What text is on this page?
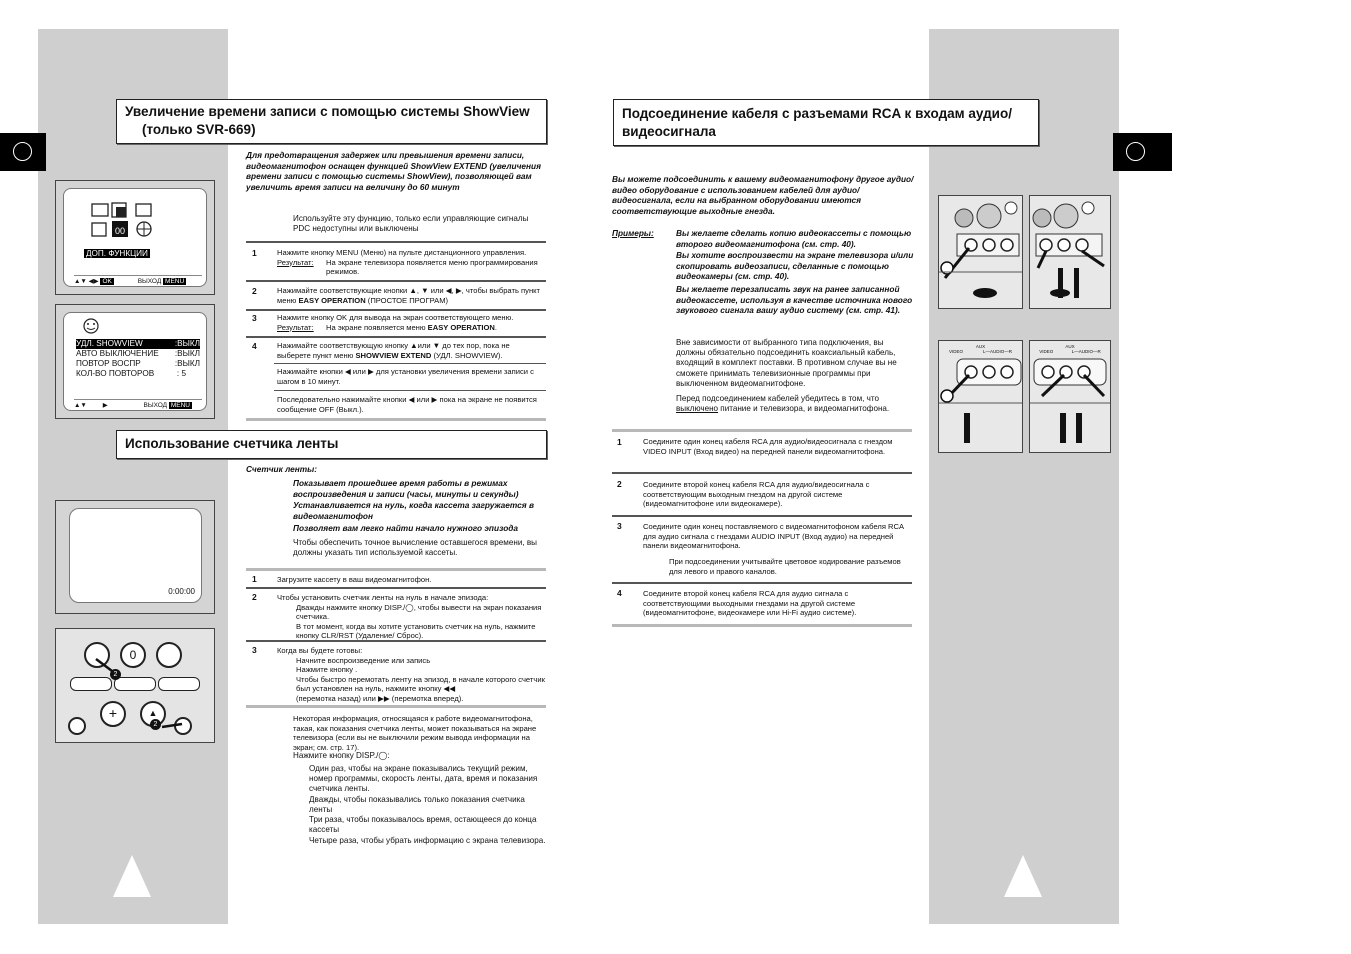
Увеличение времени записи с помощью системы ShowView
(только SVR-669)
Для предотвращения задержек или превышения времени записи, видеомагнитофон оснащен функцией ShowView EXTEND (увеличения времени записи с помощью системы ShowView), позволяющей вам увеличить время записи на величину до 60 минут
Используйте эту функцию, только если управляющие сигналы PDC недоступны или выключены
00
ДОП. ФУНКЦИИ
▲▼ ◀▶ OK	ВЫХОД MENU
УДЛ. SHOWVIEW	:ВЫКЛ
АВТО ВЫКЛЮЧЕНИЕ :ВЫКЛ
ПОВТОР ВОСПР	:ВЫКЛ
КОЛ-ВО ПОВТОРОВ	: 5
▲▼ ▶	ВЫХОД MENU
1	Нажмите кнопку MENU (Меню) на пульте дистанционного управления.
Результат:	На экране телевизора появляется меню программирования режимов.
2	Нажимайте соответствующие кнопки ▲, ▼ или ◀, ▶, чтобы выбрать пункт меню EASY OPERATION (ПРОСТОЕ ПРОГРАМ)
3	Нажмите кнопку OK для вывода на экран соответствующего меню.
Результат: На экране появляется меню EASY OPERATION.
4	Нажимайте соответствующую кнопку ▲или ▼ до тех пор, пока не выберете пункт меню SHOWVIEW EXTEND (УДЛ. SHOWVIEW).
Нажимайте кнопки ◀ или ▶ для установки увеличения времени записи с шагом в 10 минут.
Последовательно нажимайте кнопки ◀ или ▶ пока на экране не появится сообщение OFF (Выкл.).
Использование счетчика ленты
Счетчик ленты:
Показывает прошедшее время работы в режимах воспроизведения и записи (часы, минуты и секунды)
Устанавливается на нуль, когда кассета загружается в видеомагнитофон
Позволяет вам легко найти начало нужного эпизода
Чтобы обеспечить точное вычисление оставшегося времени, вы должны указать тип используемой кассеты.
0:00:00
0
+	▲
2
2
1	Загрузите кассету в ваш видеомагнитофон.
2	Чтобы установить счетчик ленты на нуль в начале эпизода:
Дважды нажмите кнопку DISP./◯, чтобы вывести на экран показания счетчика.
В тот момент, когда вы хотите установить счетчик на нуль, нажмите кнопку CLR/RST (Удаление/ Сброс).
3	Когда вы будете готовы:
Начните воспроизведение или запись
Нажмите кнопку .
Чтобы быстро перемотать ленту на эпизод, в начале которого счетчик был установлен на нуль, нажмите кнопку ◀◀
(перемотка назад) или ▶▶ (перемотка вперед).
Некоторая информация, относящаяся к работе видеомагнитофона, такая, как показания счетчика ленты, может показываться на экране телевизора (если вы не выключили режим вывода информации на экран; см. стр. 17).
Нажмите кнопку DISP./◯:
Один раз, чтобы на экране показывались текущий режим, номер программы, скорость ленты, дата, время и показания счетчика ленты.
Дважды, чтобы показывались только показания счетчика ленты
Три раза, чтобы показывалось время, остающееся до конца кассеты
Четыре раза, чтобы убрать информацию с экрана телевизора.
Подсоединение кабеля с разъемами RCA к входам аудио/
видеосигнала
Вы можете подсоединить к вашему видеомагнитофону другое аудио/ видео оборудование с использованием кабелей для аудио/ видеосигнала, если на выбранном оборудовании имеются соответствующие выходные гнезда.
Примеры:	Вы желаете сделать копию видеокассеты с помощью второго видеомагнитофона (см. стр. 40).
Вы хотите воспроизвести на экране телевизора и/или скопировать видеозаписи, сделанные с помощью видеокамеры (см. стр. 40).
Вы желаете перезаписать звук на ранее записанной видеокассете, используя в качестве источника нового звукового сигнала вашу аудио систему (см. стр. 41).
Вне зависимости от выбранного типа подключения, вы должны обязательно подсоединить коаксиальный кабель, входящий в комплект поставки. В противном случае вы не сможете принимать телевизионные программы при выключенном видеомагнитофоне.
Перед подсоединением кабелей убедитесь в том, что выключено питание и телевизора, и видеомагнитофона.
1	Соедините один конец кабеля RCA для аудио/видеосигнала с гнездом VIDEO INPUT (Вход видео) на передней панели видеомагнитофона.
2	Соедините второй конец кабеля RCA для аудио/видеосигнала с соответствующим выходным гнездом на другой системе (видеомагнитофоне или видеокамере).
3	Соедините один конец поставляемого с видеомагнитофоном кабеля RCA для аудио сигнала с гнездами AUDIO INPUT (Вход аудио) на передней панели видеомагнитофона.
При подсоединении учитывайте цветовое кодирование разъемов для левого и правого каналов.
4	Соедините второй конец кабеля RCA для аудио сигнала с соответствующими выходными гнездами на другой системе (видеомагнитофоне, видеокамере или Hi-Fi аудио системе).
AUX
VIDEO	L—AUDIO—R
AUX
VIDEO	L—AUDIO—R
